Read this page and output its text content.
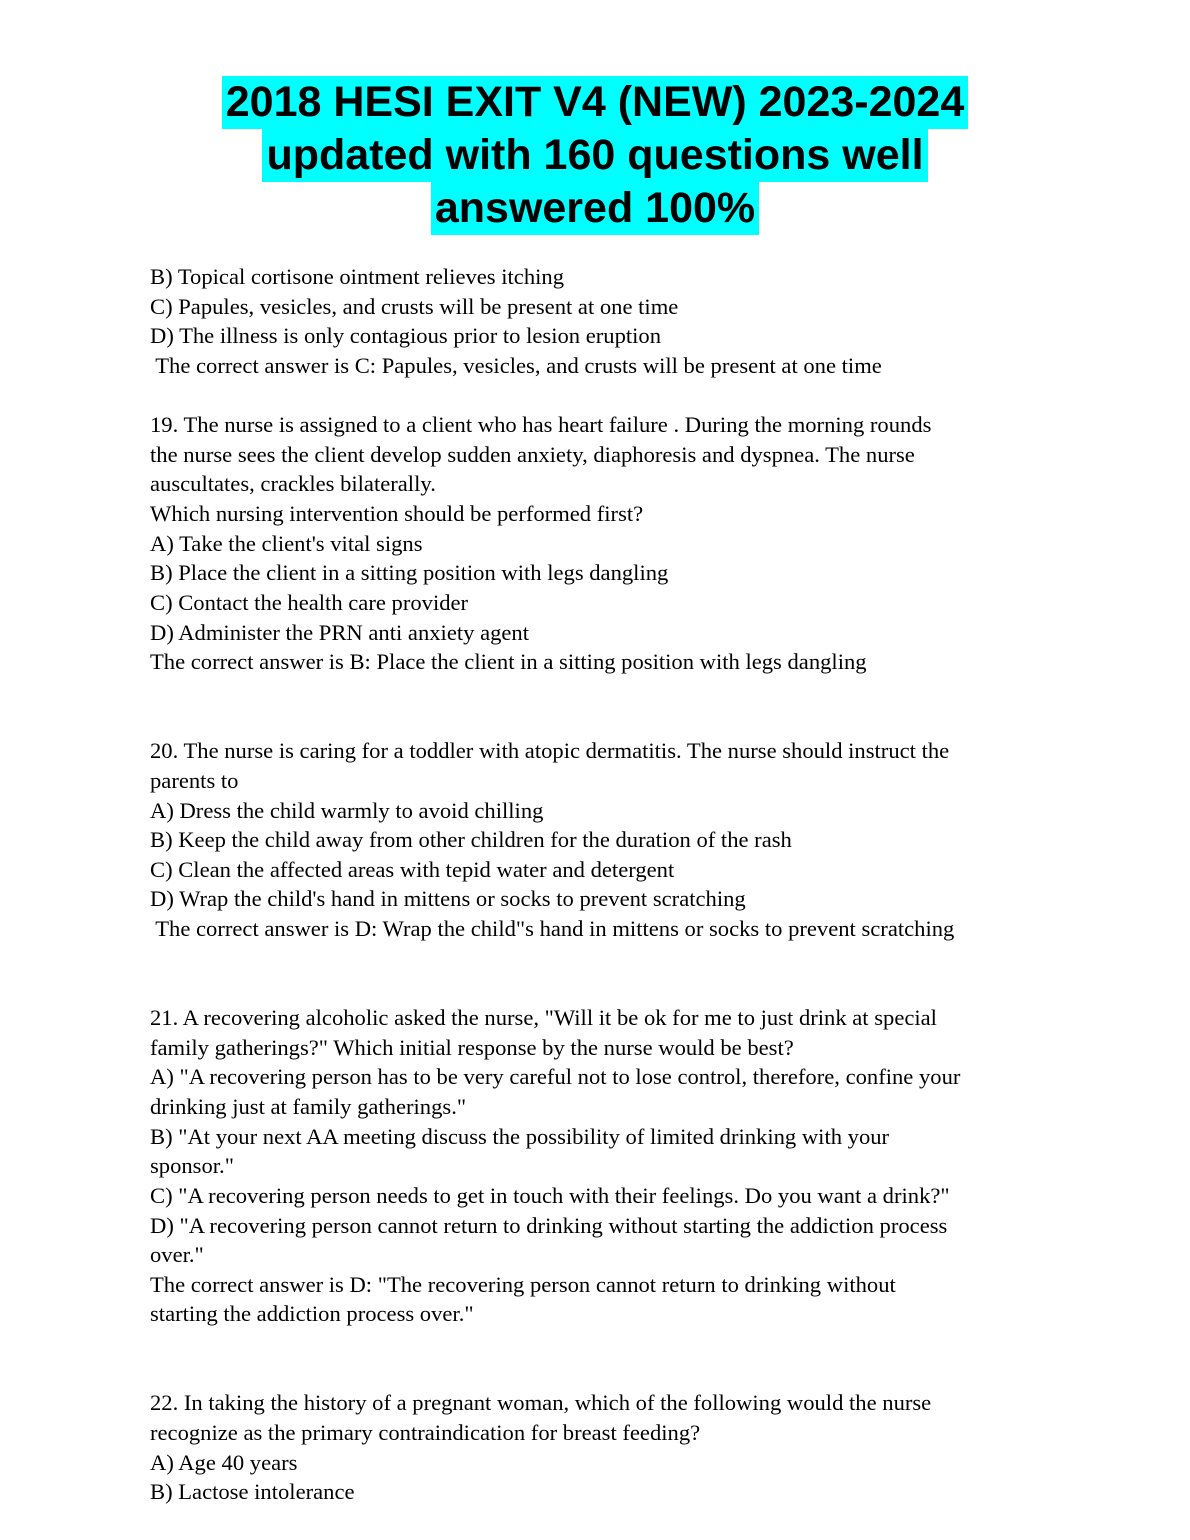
2018 HESI EXIT V4 (NEW) 2023-2024
updated with 160 questions well
answered 100%
B) Topical cortisone ointment relieves itching
C) Papules, vesicles, and crusts will be present at one time
D) The illness is only contagious prior to lesion eruption
The correct answer is C: Papules, vesicles, and crusts will be present at one time
19. The nurse is assigned to a client who has heart failure . During the morning rounds
the nurse sees the client develop sudden anxiety, diaphoresis and dyspnea. The nurse
auscultates, crackles bilaterally.
Which nursing intervention should be performed first?
A) Take the client's vital signs
B) Place the client in a sitting position with legs dangling
C) Contact the health care provider
D) Administer the PRN anti anxiety agent
The correct answer is B: Place the client in a sitting position with legs dangling
20. The nurse is caring for a toddler with atopic dermatitis. The nurse should instruct the
parents to
A) Dress the child warmly to avoid chilling
B) Keep the child away from other children for the duration of the rash
C) Clean the affected areas with tepid water and detergent
D) Wrap the child's hand in mittens or socks to prevent scratching
The correct answer is D: Wrap the child"s hand in mittens or socks to prevent scratching
21. A recovering alcoholic asked the nurse, "Will it be ok for me to just drink at special
family gatherings?" Which initial response by the nurse would be best?
A) "A recovering person has to be very careful not to lose control, therefore, confine your
drinking just at family gatherings."
B) "At your next AA meeting discuss the possibility of limited drinking with your
sponsor."
C) "A recovering person needs to get in touch with their feelings. Do you want a drink?"
D) "A recovering person cannot return to drinking without starting the addiction process
over."
The correct answer is D: "The recovering person cannot return to drinking without
starting the addiction process over."
22. In taking the history of a pregnant woman, which of the following would the nurse
recognize as the primary contraindication for breast feeding?
A) Age 40 years
B) Lactose intolerance
